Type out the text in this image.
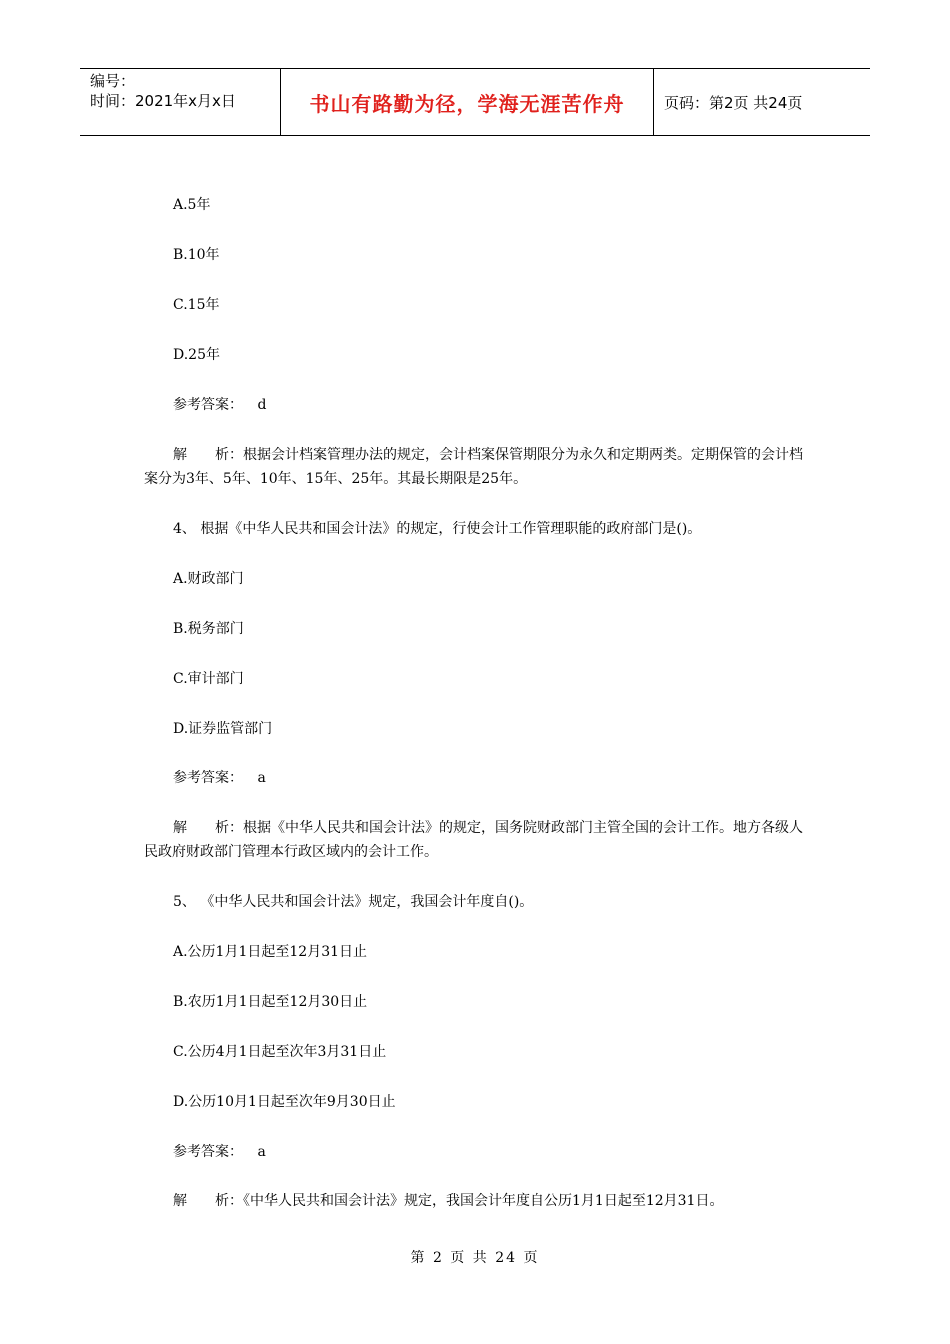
编号：
时间：2021年x月x日	书山有路勤为径，学海无涯苦作舟	页码：第2页 共24页
A.5年
B.10年
C.15年
D.25年
参考答案： d
解 析：根据会计档案管理办法的规定，会计档案保管期限分为永久和定期两类。定期保管的会计档案分为3年、5年、10年、15年、25年。其最长期限是25年。
4、 根据《中华人民共和国会计法》的规定，行使会计工作管理职能的政府部门是()。
A.财政部门
B.税务部门
C.审计部门
D.证券监管部门
参考答案： a
解 析：根据《中华人民共和国会计法》的规定，国务院财政部门主管全国的会计工作。地方各级人民政府财政部门管理本行政区域内的会计工作。
5、 《中华人民共和国会计法》规定，我国会计年度自()。
A.公历1月1日起至12月31日止
B.农历1月1日起至12月30日止
C.公历4月1日起至次年3月31日止
D.公历10月1日起至次年9月30日止
参考答案： a
解 析：《中华人民共和国会计法》规定，我国会计年度自公历1月1日起至12月31日。
第 2 页 共 24 页
